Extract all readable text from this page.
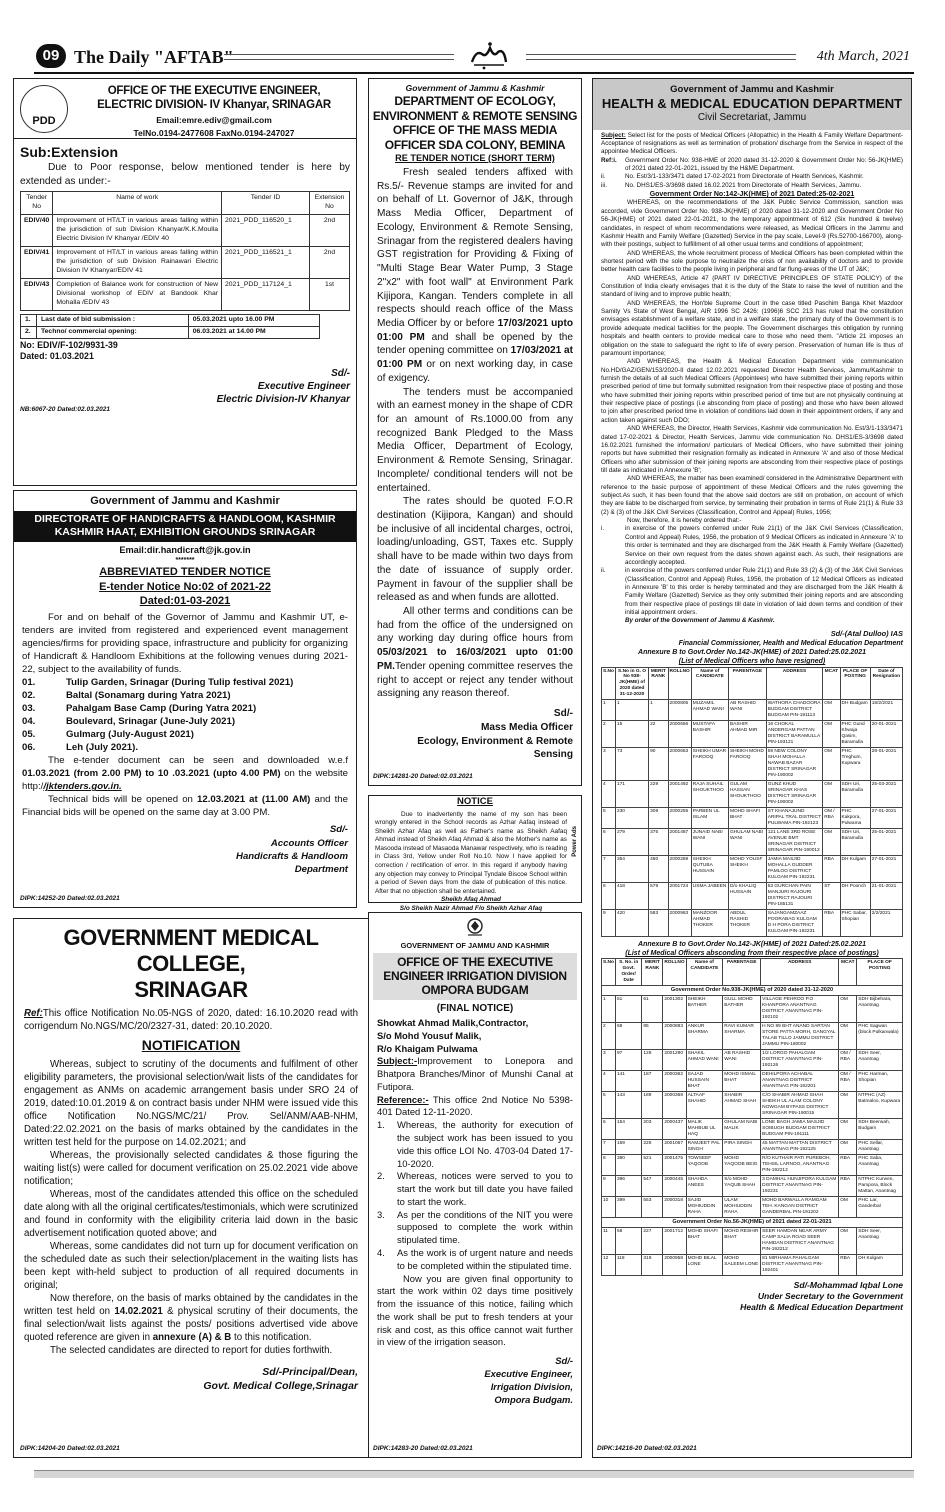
09 The Daily "AFTAB"	4th March, 2021
PDD
OFFICE OF THE EXECUTIVE ENGINEER,
ELECTRIC DIVISION- IV Khanyar, SRINAGAR
Email:emre.ediv@gmail.com
TelNo.0194-2477608 FaxNo.0194-247027
Sub:Extension
Due to Poor response, below mentioned tender is here by extended as under:-
Tender No	Name of work	Tender ID	Extension No
EDIV/40	Improvement of HT/LT in various areas falling within the jurisdiction of sub Division Khanyar/K.K.Moulla Electric Division IV Khanyar /EDIV 40	2021_PDD_116520_1	2nd
EDIV/41	Improvement of HT/LT in various areas falling within the jurisdiction of sub Division Rainawari Electric Division IV Khanyar/EDIV 41	2021_PDD_116521_1	2nd
EDIV/43	Completion of Balance work for construction of New Divisional workshop of EDIV at Bandook Khar Mohalla /EDIV 43	2021_PDD_117124_1	1st
1.	Last date of bid submission :	05.03.2021 upto 16.00 PM
2.	Techno/ commercial opening:	06.03.2021 at 14.00 PM
No: EDIV/F-102/9931-39
Dated: 01.03.2021
Sd/-
Executive Engineer
Electric Division-IV Khanyar
NB:6067-20 Dated:02.03.2021
Government of Jammu and Kashmir
DIRECTORATE OF HANDICRAFTS & HANDLOOM, KASHMIR KASHMIR HAAT, EXHIBITION GROUNDS SRINAGAR
Email:dir.handicraft@jk.gov.in
*******
ABBREVIATED TENDER NOTICE
E-tender Notice No:02 of 2021-22
Dated:01-03-2021

For and on behalf of the Governor of Jammu and Kashmir UT, e-tenders are invited from registered and experienced event management agencies/firms for providing space, infrastructure and publicity for organizing of Handicraft & Handloom Exhibitions at the following venues during 2021-22, subject to the availability of funds.

01.	Tulip Garden, Srinagar (During Tulip festival 2021)
02.	Baltal (Sonamarg during Yatra 2021)
03.	Pahalgam Base Camp (During Yatra 2021)
04.	Boulevard, Srinagar (June-July 2021)
05.	Gulmarg (July-August 2021)
06.	Leh (July 2021).

The e-tender document can be seen and downloaded w.e.f 01.03.2021 (from 2.00 PM) to 10 .03.2021 (upto 4.00 PM) on the website http://jktenders.gov.in.

Technical bids will be opened on 12.03.2021 at (11.00 AM) and the Financial bids will be opened on the same day at 3.00 PM.

Sd/-
Accounts Officer
Handicrafts & Handloom
Department
DIPK:14252-20 Dated:02.03.2021
GOVERNMENT MEDICAL COLLEGE,
SRINAGAR

Ref:This office Notification No.05-NGS of 2020, dated: 16.10.2020 read with corrigendum No.NGS/MC/20/2327-31, dated: 20.10.2020.

NOTIFICATION

Whereas, subject to scrutiny of the documents and fulfilment of other eligibility parameters, the provisional selection/wait lists of the candidates for engagement as ANMs on academic arrangement basis under SRO 24 of 2019, dated:10.01.2019 & on contract basis under NHM were issued vide this office Notification No.NGS/MC/21/ Prov. Sel/ANM/AAB-NHM, Dated:22.02.2021 on the basis of marks obtained by the candidates in the written test held for the purpose on 14.02.2021; and

Whereas, the provisionally selected candidates & those figuring the waiting list(s) were called for document verification on 25.02.2021 vide above notification;

Whereas, most of the candidates attended this office on the scheduled date along with all the original certificates/testimonials, which were scrutinized and found in conformity with the eligibility criteria laid down in the basic advertisement notification quoted above; and

Whereas, some candidates did not turn up for document verification on the scheduled date as such their selection/placement in the waiting lists has been kept with-held subject to production of all required documents in original;

Now therefore, on the basis of marks obtained by the candidates in the written test held on 14.02.2021 & physical scrutiny of their documents, the final selection/wait lists against the posts/ positions advertised vide above quoted reference are given in annexure (A) & B to this notification.

The selected candidates are directed to report for duties forthwith.

Sd/-Principal/Dean,
Govt. Medical College,Srinagar
DIPK:14204-20 Dated:02.03.2021
Government of Jammu & Kashmir
DEPARTMENT OF ECOLOGY, ENVIRONMENT & REMOTE SENSING OFFICE OF THE MASS MEDIA OFFICER SDA COLONY, BEMINA
RE TENDER NOTICE (SHORT TERM)

Fresh sealed tenders affixed with Rs.5/- Revenue stamps are invited for and on behalf of Lt. Governor of J&K, through Mass Media Officer, Department of Ecology, Environment & Remote Sensing, Srinagar from the registered dealers having GST registration for Providing & Fixing of "Multi Stage Bear Water Pump, 3 Stage 2"x2" with foot wall" at Environment Park Kijipora, Kangan. Tenders complete in all respects should reach office of the Mass Media Officer by or before 17/03/2021 upto 01:00 PM and shall be opened by the tender opening committee on 17/03/2021 at 01:00 PM or on next working day, in case of exigency.

The tenders must be accompanied with an earnest money in the shape of CDR for an amount of Rs.1000.00 from any recognized Bank Pledged to the Mass Media Officer, Department of Ecology, Environment & Remote Sensing, Srinagar. Incomplete/ conditional tenders will not be entertained.

The rates should be quoted F.O.R destination (Kijipora, Kangan) and should be inclusive of all incidental charges, octroi, loading/unloading, GST, Taxes etc. Supply shall have to be made within two days from the date of issuance of supply order. Payment in favour of the supplier shall be released as and when funds are allotted.

All other terms and conditions can be had from the office of the undersigned on any working day during office hours from 05/03/2021 to 16/03/2021 upto 01:00 PM.Tender opening committee reserves the right to accept or reject any tender without assigning any reason thereof.

Sd/-
Mass Media Officer
Ecology, Environment & Remote Sensing
DIPK:14281-20 Dated:02.03.2021
NOTICE

Due to inadvertently the name of my son has been wrongly entered in the School records as Azhar Aafaq instead of Sheikh Azhar Afaq as well as Father's name as Sheikh Aafaq Ahmad instead of Sheikh Afaq Ahmad & also the Mother's name as Masooda instead of Masaoda Manawar respectively, who is reading in Class 3rd, Yellow under Roll No.10. Now I have applied for correction / rectification of error. In this regard if anybody having any objection may convey to Principal Tyndale Biscoe School within a period of Seven days from the date of publication of this notice. After that no objection shall be entertained.

Sheikh Afaq Ahmad
S/o Sheikh Nazir Ahmad F/o Sheikh Azhar Afaq
Power Ads
GOVERNMENT OF JAMMU AND KASHMIR
OFFICE OF THE EXECUTIVE ENGINEER IRRIGATION DIVISION OMPORA BUDGAM
(FINAL NOTICE)
Showkat Ahmad Malik,Contractor,
S/o Mohd Yousuf Malik,
R/o Khaigam Pulwama

Subject:-Improvement to Lonepora and Bhatpora Branches/Minor of Munshi Canal at Futipora.

Reference:- This office 2nd Notice No 5398-401 Dated 12-11-2020.

1.	Whereas, the authority for execution of the subject work has been issued to you vide this office LOI No. 4703-04 Dated 17-10-2020.
2.	Whereas, notices were served to you to start the work but till date you have failed to start the work.
3.	As per the conditions of the NIT you were supposed to complete the work within stipulated time.
4.	As the work is of urgent nature and needs to be completed within the stipulated time.

Now you are given final opportunity to start the work within 02 days time positively from the issuance of this notice, failing which the work shall be put to fresh tenders at your risk and cost, as this office cannot wait further in view of the irrigation season.

Sd/-
Executive Engineer,
Irrigation Division,
Ompora Budgam.
DIPK:14283-20 Dated:02.03.2021
Government of Jammu and Kashmir
HEALTH & MEDICAL EDUCATION DEPARTMENT
Civil Secretariat, Jammu

Subject: Select list for the posts of Medical Officers (Allopathic) in the Health & Family Welfare Department-Acceptance of resignations as well as termination of probation/ discharge from the Service in respect of the appointee Medical Officers.

Ref:i.	Government Order No: 938-HME of 2020 dated 31-12-2020 & Government Order No: 56-JK(HME) of 2021 dated 22-01-2021, issued by the H&ME Department.
ii.	No. Est/3/1-133/3471 dated 17-02-2021 from Directorate of Health Services, Kashmir.
iii.	No. DHS1/ES-3/3698 dated 16.02.2021 from Directorate of Health Services, Jammu.
Government Order No:142-JK(HME) of 2021 Dated:25-02-2021

WHEREAS, on the recommendations of the J&K Public Service Commission, sanction was accorded, vide Government Order No. 938-JK(HME) of 2020 dated 31-12-2020 and Government Order No 56-JK(HME) of 2021 dated 22-01-2021, to the temporary appointment of 612 (Six hundred & twelve) candidates, in respect of whom recommendations were released, as Medical Officers in the Jammu and Kashmir Health and Family Welfare (Gazetted) Service in the pay scale, Level-9 (Rs.52700-166700), along-with their postings, subject to fulfillment of all other usual terms and conditions of appointment;

AND WHEREAS, the whole recruitment process of Medical Officers has been completed within the shortest period with the sole purpose to neutralize the crisis of non availability of doctors and to provide better health care facilities to the people living in peripheral and far flung-areas of the UT of J&K;

AND WHEREAS, Article 47 (PART IV DIRECTIVE PRINCIPLES OF STATE POLICY) of the Constitution of India clearly envisages that it is the duty of the State to raise the level of nutrition and the standard of living and to improve public health;

AND WHEREAS, the Hon'ble Supreme Court in the case titled Paschim Banga Khet Mazdoor Samity Vs State of West Bengal, AIR 1996 SC 2426: (1996)6 SCC 213 has ruled that the constitution envisages establishment of a welfare state, and in a welfare state, the primary duty of the Government is to provide adequate medical facilities for the people. The Government discharges this obligation by running hospitals and health centers to provide medical care to those who need them. "Article 21 imposes an obligation on the state to safeguard the right to life of every person. Preservation of human life is thus of paramount importance;

AND WHEREAS, the Health & Medical Education Department vide communication No.HD/GAZ/GEN/153/2020-II dated 12.02.2021 requested Director Health Services, Jammu/Kashmir to furnish the details of all such Medical Officers (Appointees) who have submitted their joining reports within prescribed period of time but formally submitted resignation from their respective place of posting and those who have submitted their joining reports within prescribed period of time but are not physically continuing at their respective place of postings (i.e absconding from place of posting) and those who have been allowed to join after prescribed period time in violation of conditions laid down in their appointment orders, if any and action taken against such DDO;

AND WHEREAS, the Director, Health Services, Kashmir vide communication No. Est/3/1-133/3471 dated 17-02-2021 & Director, Health Services, Jammu vide communication No. DHS1/ES-3/3698 dated 16.02.2021 furnished the information/ particulars of Medical Officers, who have submitted their joining reports but have submitted their resignation formally as indicated in Annexure 'A' and also of those Medical Officers who after submission of their joining reports are absconding from their respective place of postings till date as indicated in Annexure 'B';

AND WHEREAS, the matter has been examined/ considered in the Administrative Department with reference to the basic purpose of appointment of these Medical Officers and the rules governing the subject.As such, it has been found that the above said doctors are still on probation, on account of which they are liable to be discharged from service, by terminating their probation in terms of Rule 21(1) & Rule 33 (2) & (3) of the J&K Civil Services (Classification, Control and Appeal) Rules, 1956;

Now, therefore, it is hereby ordered that:-

i.	in exercise of the powers conferred under Rule 21(1) of the J&K Civil Services (Classification, Control and Appeal) Rules, 1956, the probation of 9 Medical Officers as indicated in Annexure 'A' to this order is terminated and they are discharged from the J&K Health & Family Welfare (Gazetted) Service on their own request from the dates shown against each. As such, their resignations are accordingly accepted.
ii.	in exercise of the powers conferred under Rule 21(1) and Rule 33 (2) & (3) of the J&K Civil Services (Classification, Control and Appeal) Rules, 1956, the probation of 12 Medical Officers as indicated in Annexure 'B' to this order is hereby terminated and they are discharged from the J&K Health & Family Welfare (Gazetted) Service as they only submitted their joining reports and are absconding from their respective place of postings till date in violation of laid down terms and condition of their initial appointment orders.
By order of the Government of Jammu & Kashmir.
Sd/-(Atal Dulloo) IAS
Financial Commissioner, Health and Medical Education Department
Annexure B to Govt.Order No.142-JK(HME) of 2021 Dated:25.02.2021
(List of Medical Officers who have resigned)
S.No	S.No in G. O No 938-JK(HME) of 2020 dated 31-12-2020	MERIT RANK	ROLLNO	Name of CANDIDATE	PARENTAGE	ADDRESS	MCAT	PLACE OF POSTING	Date of Resignation
1	1	1	2000805	MUZAMIL AHMAD WANI	AB RASHID WANI	WATHORA CHADOORA BUDGAM DISTRICT BUDGAM PIN-191113	OM	DH Budgam	18/2/2021
2	15	22	2000656	MUSTAFA BASHIR	BASHIR AHMAD MIR	16 CHOKAL ANDERGAM PATTAN DISTRICT BARAMULLA PIN-193121	OM	PHC Gund Khwaja Qasim, Baramulla	20-01-2021
3	73	90	2000653	SHEIKH UMAR FAROOQ	SHEIKH MOHD FAROOQ	59 NEW COLONY SHAH MOHALLA NAWAB BAZAR DISTRICT SRINAGAR PIN-190002	OM	PHC Treghum, Kupwara	28-01-2021
4	171	229	2001492	RAJA SUHAIL SHOUKTHOO	GULAM HASSAN SHOUKTHOO	GUNZ KHUD SRINAGAR KHAS DISTRICT SRINAGAR PIN-190002	OM	SDH Uri, Baramulla	25-03-2021
5	230	309	2000255	PARBEN UL ISLAM	MOHD SHAFI BHAT	ST KHANAJUND ARIPAL TRAL DISTRICT PULWAMA PIN-192123	OM / RBA	PHC Kakpora, Pulwama	27-01-2021
6	279	375	2001487	JUNAID NABI WANI	GHULAM NABI WANI	121 LANE 3RD ROSE AVENUE BMT SRINAGAR DISTRICT SRINAGAR PIN-190012	OM	SDH Uri, Baramulla	25-01-2021
7	354	480	2000289	SHEIKH QUTUBA HUSSAIN	MOHD YOUSF SHEIKH	JAMIA MASJID MOHALLA GUDDER PAMLOO DISTRICT KULGAM PIN-192231	RBA	DH Kulgam	27-01-2021
8	418	579	2001724	USMA JABEEN	D/o KHALIQ HUSSAIN	53 GURCHAN PAIN MANJURI RAJOURI DISTRICT RAJOURI PIN-185131	ST	DH Poonch	21-01-2021
9	420	583	2000963	MANZOOR AHMAD THOKER	ABDUL RASHID THOKER	SAJANGAMZAAZ POORABAG KULGAM D H PORA DISTRICT KULGAM PIN-192231	RBA	PHC Sabar, Shopian	2/2/2021
Annexure B to Govt.Order No.142-JK(HME) of 2021 Dated:25.02.2021
(List of Medical Officers absconding from their respective place of postings)
S.No	S. No. in Govt. Order/ Date	MERIT RANK	ROLLNO	Name of CANDIDATE	PARENTAGE	ADDRESS	MCAT	PLACE OF POSTING
Government Order No.938-JK(HME) of 2020 dated 31-12-2020								
1	51	61	2001302	SHEIKH BATHER	GULL MOHD BATHER	VILLAGE PEHROO P.O KHANPORA ANANTNAG DISTRICT ANANTNAG PIN-192102	OM	SDH Bijbehara, Anantnag
2	68	85	2000883	ANKUR SHARMA	RAVI KUMAR SHARMA	H NO 89 BHT ANAND SARTAN STORE PATTA MORH, GANGYAL TALAB TILLO JAMMU DISTRICT JAMMU PIN-180002	OM	PHC Sagwan (block Pulkanwala)
3	97	128	2001290	SHAKIL AHMAD WANI	AB RASHID WANI	1/2 LORGO PAHALGAM DISTRICT ANANTNAG PIN-192126	OM / RBA	SDH Seer, Anantnag
4	141	187	2000362	SAJAD HUSSAIN BHAT	MOHD ISMAIL BHAT	DEHILPORA ACHABAL ANANTNAG DISTRICT ANANTNAG PIN-192201	OM / RBA	PHC Harman, Shopian
5	143	189	2000368	ALTAAF SHAHID	SHABIR AHMAD SHAH	C/O SHABIR AHMAD SHAH SHEIKH UL ALAM COLONY NOWGAM BYPASS DISTRICT SRINAGAR PIN-190015	OM	NTPHC (AZ) Batmaloo, Kupwara
6	154	203	2000437	MALIK MAHBUB UL HAQ	GHULAM NABI MALIK	LONE BAGH JAMIA MASJID SOIBUGH BUDGAM DISTRICT BUDGAM PIN-191111	OM	SDH Beerwah, Budgam
7	169	226	2001067	RAMJEET PAL SINGH	PIRA SINGH	45 MATTAN MATTAN DISTRICT ANANTNAG PIN-192125	OM	PHC Sellar, Anantnag
8	380	521	2001475	TOWSEEF YAQOOB	MOHD YAQOOB BEIG	R/O KUTHAIR PATI PUREBOH, TEHSIL LARNOO, ANANTNAG PIN-192212	RBA	PHC Saba, Anantnag
9	396	547	2000445	SHAHDA ANEES	S/o MOHD YAQUB SHAH	3 DAMHAL HUNJIPORA KULGAM DISTRICT ANANTNAG PIN-192231	RBA	NTPHC Kurwen, Pampora, Block Mattan, Anantnag
10	399	553	2000318	SAJID MOHIUDDIN RAHA	ULAM MOHIUDDIN RAHA	MOHD BARWALLA RAMGAM TEH. KANGAN DISTRICT GANDERBAL PIN-191202	OM	PHC Lar, Ganderbal
Government Order No.56-JK(HME) of 2021 dated 22-01-2021								
11	58	227	2001712	MOHD SHAFI BHAT	MOHD RESHIR BHAT	SEER HAMDAN NEAR ARMY CAMP SALIA ROAD SEER HAMDAN DISTRICT ANANTNAG PIN-192212	OM	SDH Seer, Anantnag
12	118	319	2000958	MOHD BILAL LONE	MOHD SALEEM LONE	81 MIRHAMA PAHALGAM DISTRICT ANANTNAG PIN-192401	RBA	DH Kulgam
Sd/-Mohammad Iqbal Lone
Under Secretary to the Government
Health & Medical Education Department
DIPK:14216-20 Dated:02.03.2021
